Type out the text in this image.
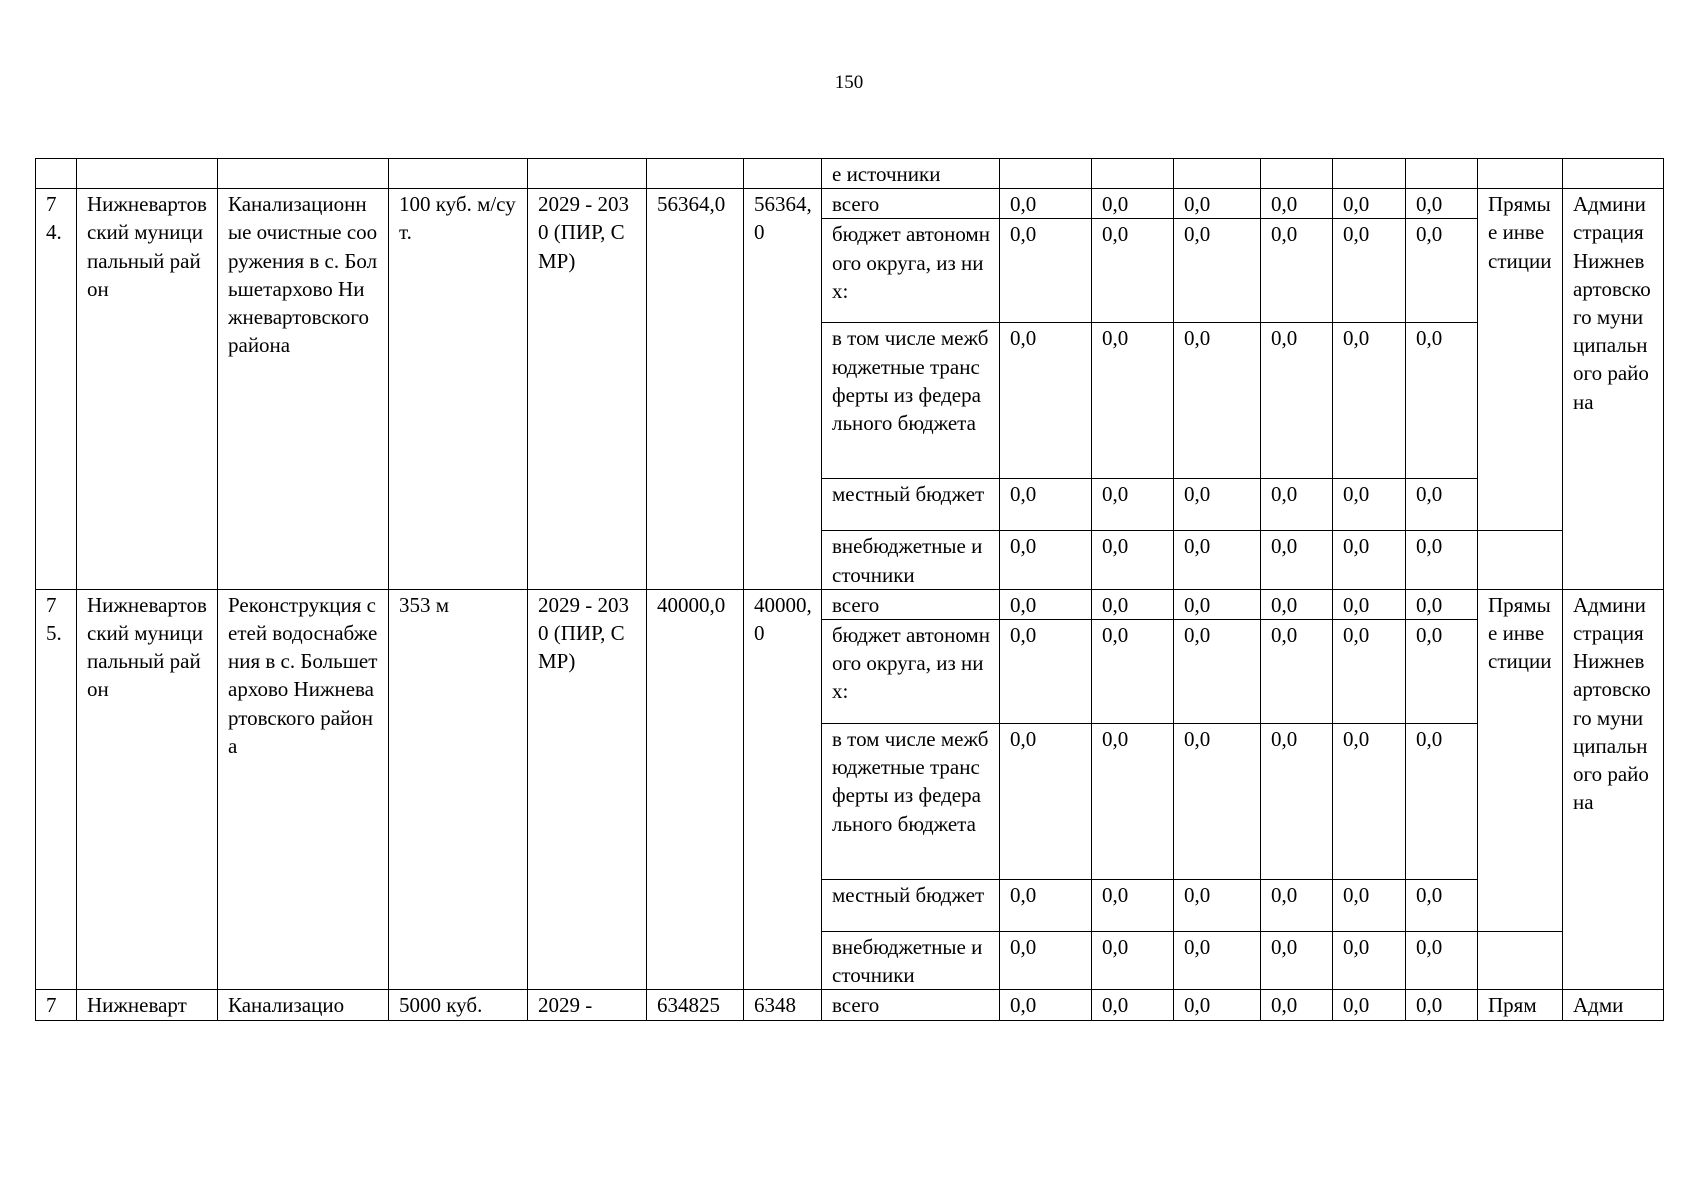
150
							е источники								
74.	Нижневартовский муниципальный район	Канализационные очистные сооружения в с. Большетархово Нижневартовского района	100 куб. м/сут.	2029 - 2030 (ПИР, СМР)	56364,0	56364,0	всего	0,0	0,0	0,0	0,0	0,0	0,0	Прямые инвестиции	Администрация Нижневартовского муниципального района
							бюджет автономного округа, из них:	0,0	0,0	0,0	0,0	0,0	0,0		
							в том числе межбюджетные трансферты из федерального бюджета	0,0	0,0	0,0	0,0	0,0	0,0		
							местный бюджет	0,0	0,0	0,0	0,0	0,0	0,0		
							внебюджетные источники	0,0	0,0	0,0	0,0	0,0	0,0		
75.	Нижневартовский муниципальный район	Реконструкция сетей водоснабжения в с. Большетархово Нижневартовского района	353 м	2029 - 2030 (ПИР, СМР)	40000,0	40000,0	всего	0,0	0,0	0,0	0,0	0,0	0,0	Прямые инвестиции	Администрация Нижневартовского муниципального района
							бюджет автономного округа, из них:	0,0	0,0	0,0	0,0	0,0	0,0		
							в том числе межбюджетные трансферты из федерального бюджета	0,0	0,0	0,0	0,0	0,0	0,0		
							местный бюджет	0,0	0,0	0,0	0,0	0,0	0,0		
							внебюджетные источники	0,0	0,0	0,0	0,0	0,0	0,0		
7	Нижневарт	Канализацио	5000 куб.	2029 -	634825	6348	всего	0,0	0,0	0,0	0,0	0,0	0,0	Прям	Адми
